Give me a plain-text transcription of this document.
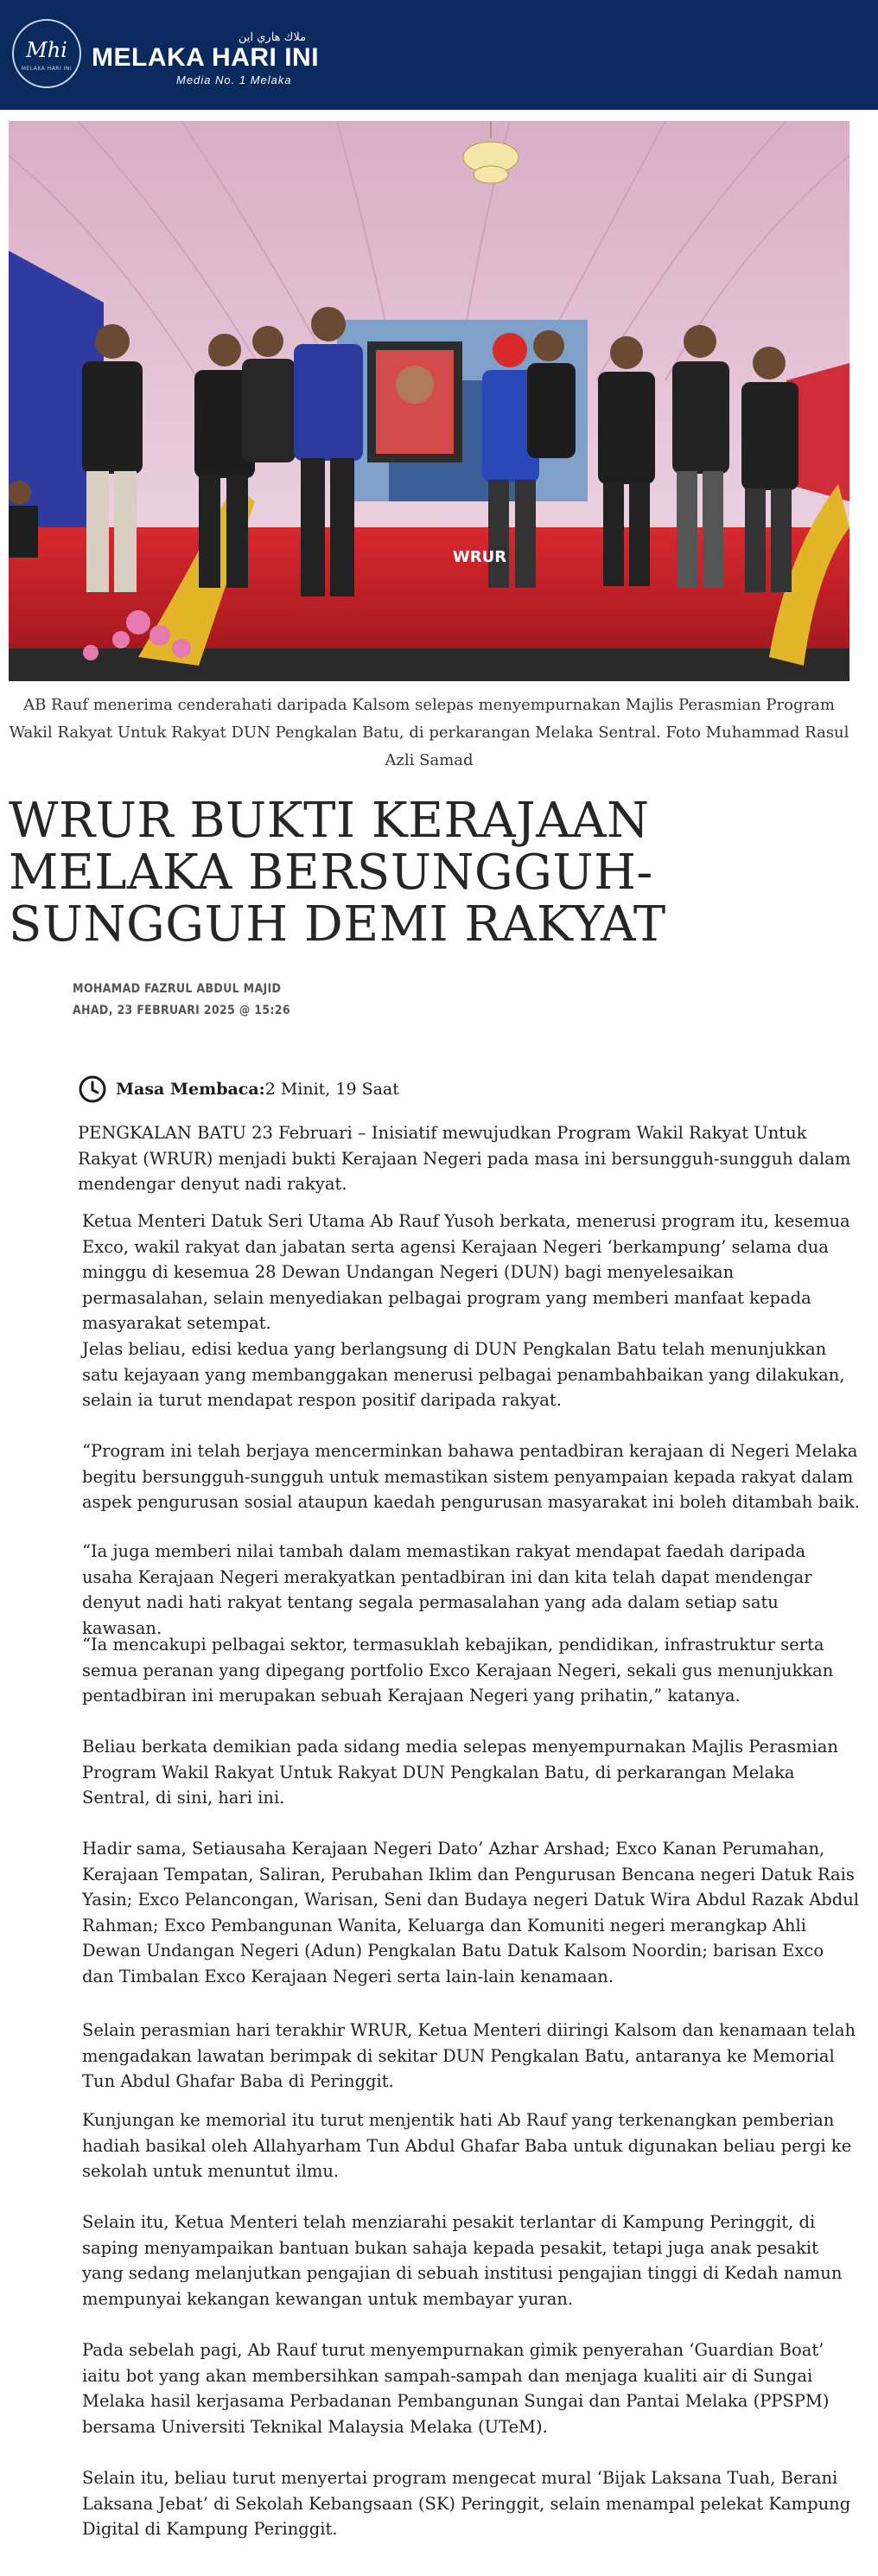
Mhi
MELAKA HARI INI
ملاك هاري اين
MELAKA HARI INI
Media No. 1 Melaka
WRUR
AB Rauf menerima cenderahati daripada Kalsom selepas menyempurnakan Majlis Perasmian Program Wakil Rakyat Untuk Rakyat DUN Pengkalan Batu, di perkarangan Melaka Sentral. Foto Muhammad Rasul Azli Samad
WRUR BUKTI KERAJAAN MELAKA BERSUNGGUH-SUNGGUH DEMI RAKYAT
MOHAMAD FAZRUL ABDUL MAJID
AHAD, 23 FEBRUARI 2025 @ 15:26
Masa Membaca: 2 Minit, 19 Saat

PENGKALAN BATU 23 Februari – Inisiatif mewujudkan Program Wakil Rakyat Untuk Rakyat (WRUR) menjadi bukti Kerajaan Negeri pada masa ini bersungguh-sungguh dalam mendengar denyut nadi rakyat.

Ketua Menteri Datuk Seri Utama Ab Rauf Yusoh berkata, menerusi program itu, kesemua Exco, wakil rakyat dan jabatan serta agensi Kerajaan Negeri ‘berkampung’ selama dua minggu di kesemua 28 Dewan Undangan Negeri (DUN) bagi menyelesaikan permasalahan, selain menyediakan pelbagai program yang memberi manfaat kepada masyarakat setempat.

Jelas beliau, edisi kedua yang berlangsung di DUN Pengkalan Batu telah menunjukkan satu kejayaan yang membanggakan menerusi pelbagai penambahbaikan yang dilakukan, selain ia turut mendapat respon positif daripada rakyat.

“Program ini telah berjaya mencerminkan bahawa pentadbiran kerajaan di Negeri Melaka begitu bersungguh-sungguh untuk memastikan sistem penyampaian kepada rakyat dalam aspek pengurusan sosial ataupun kaedah pengurusan masyarakat ini boleh ditambah baik.

“Ia juga memberi nilai tambah dalam memastikan rakyat mendapat faedah daripada usaha Kerajaan Negeri merakyatkan pentadbiran ini dan kita telah dapat mendengar denyut nadi hati rakyat tentang segala permasalahan yang ada dalam setiap satu kawasan.

“Ia mencakupi pelbagai sektor, termasuklah kebajikan, pendidikan, infrastruktur serta semua peranan yang dipegang portfolio Exco Kerajaan Negeri, sekali gus menunjukkan pentadbiran ini merupakan sebuah Kerajaan Negeri yang prihatin,” katanya.

Beliau berkata demikian pada sidang media selepas menyempurnakan Majlis Perasmian Program Wakil Rakyat Untuk Rakyat DUN Pengkalan Batu, di perkarangan Melaka Sentral, di sini, hari ini.

Hadir sama, Setiausaha Kerajaan Negeri Dato’ Azhar Arshad; Exco Kanan Perumahan, Kerajaan Tempatan, Saliran, Perubahan Iklim dan Pengurusan Bencana negeri Datuk Rais Yasin; Exco Pelancongan, Warisan, Seni dan Budaya negeri Datuk Wira Abdul Razak Abdul Rahman; Exco Pembangunan Wanita, Keluarga dan Komuniti negeri merangkap Ahli Dewan Undangan Negeri (Adun) Pengkalan Batu Datuk Kalsom Noordin; barisan Exco dan Timbalan Exco Kerajaan Negeri serta lain-lain kenamaan.

Selain perasmian hari terakhir WRUR, Ketua Menteri diiringi Kalsom dan kenamaan telah mengadakan lawatan berimpak di sekitar DUN Pengkalan Batu, antaranya ke Memorial Tun Abdul Ghafar Baba di Peringgit.

Kunjungan ke memorial itu turut menjentik hati Ab Rauf yang terkenangkan pemberian hadiah basikal oleh Allahyarham Tun Abdul Ghafar Baba untuk digunakan beliau pergi ke sekolah untuk menuntut ilmu.

Selain itu, Ketua Menteri telah menziarahi pesakit terlantar di Kampung Peringgit, di saping menyampaikan bantuan bukan sahaja kepada pesakit, tetapi juga anak pesakit yang sedang melanjutkan pengajian di sebuah institusi pengajian tinggi di Kedah namun mempunyai kekangan kewangan untuk membayar yuran.

Pada sebelah pagi, Ab Rauf turut menyempurnakan gimik penyerahan ‘Guardian Boat’ iaitu bot yang akan membersihkan sampah-sampah dan menjaga kualiti air di Sungai Melaka hasil kerjasama Perbadanan Pembangunan Sungai dan Pantai Melaka (PPSPM) bersama Universiti Teknikal Malaysia Melaka (UTeM).

Selain itu, beliau turut menyertai program mengecat mural ‘Bijak Laksana Tuah, Berani Laksana Jebat’ di Sekolah Kebangsaan (SK) Peringgit, selain menampal pelekat Kampung Digital di Kampung Peringgit.
